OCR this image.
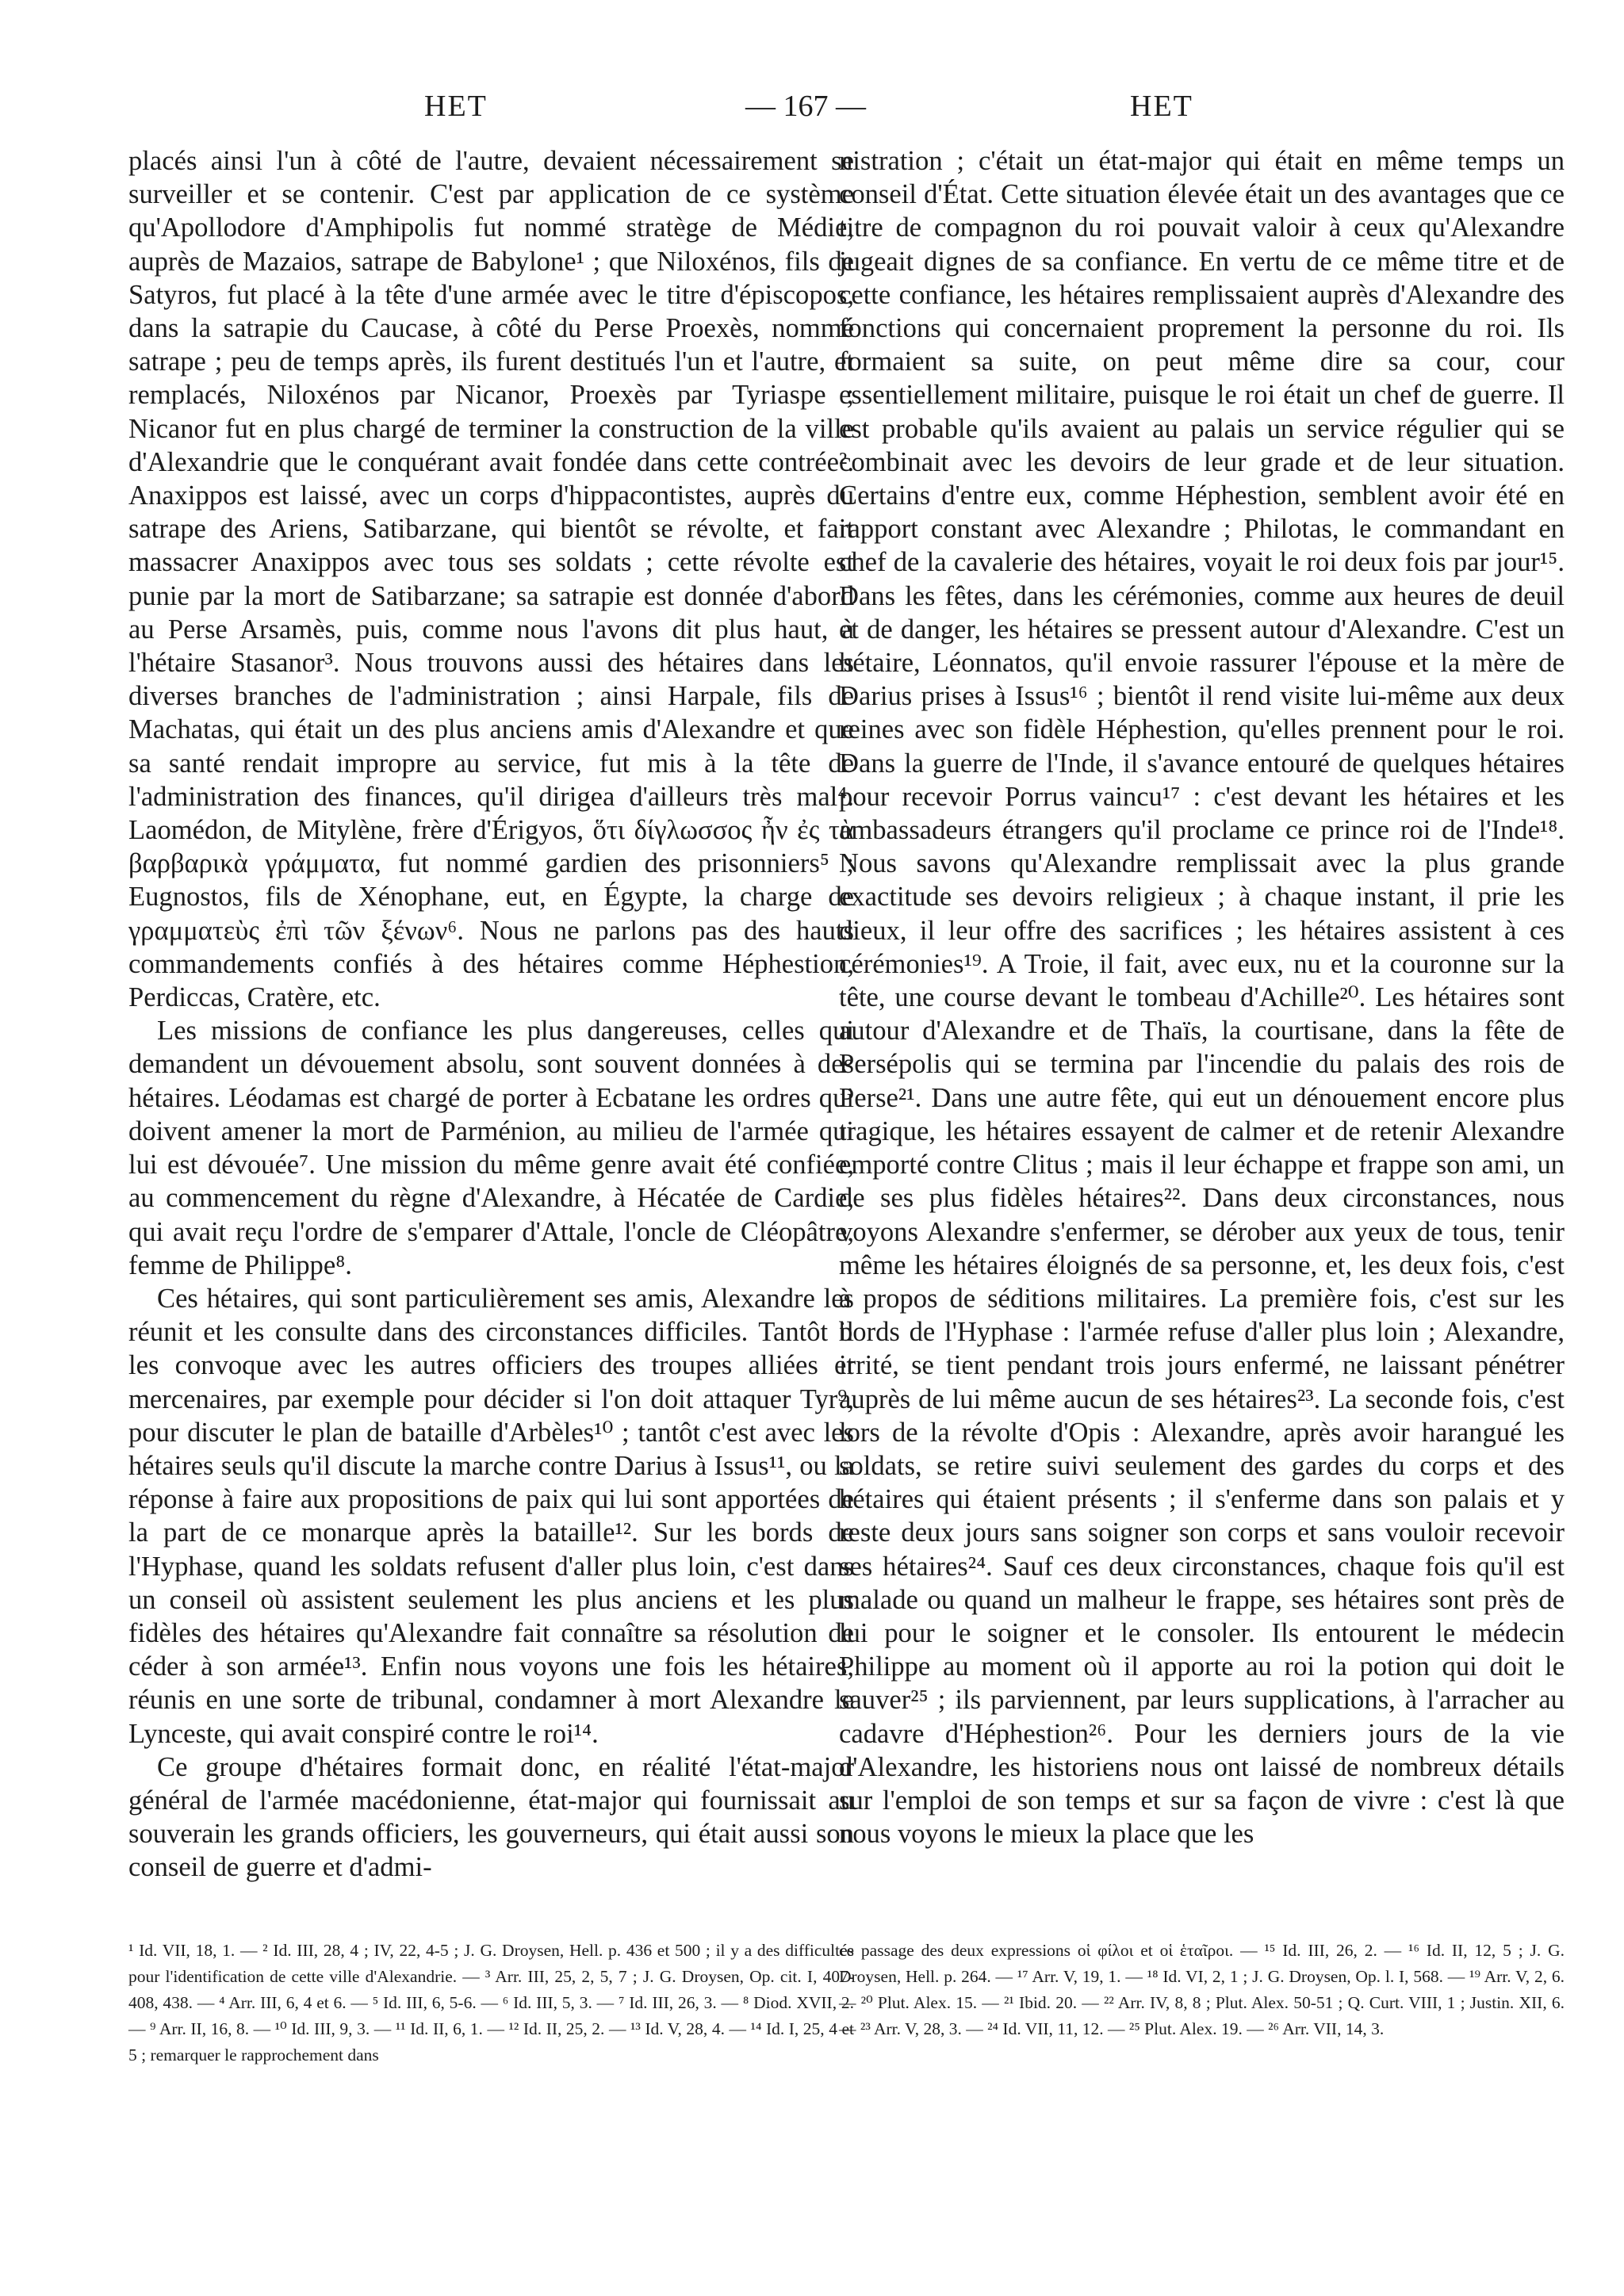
HET	— 167 —	HET

placés ainsi l'un à côté de l'autre, devaient nécessairement se surveiller et se contenir. C'est par application de ce système qu'Apollodore d'Amphipolis fut nommé stratège de Médie, auprès de Mazaios, satrape de Babylone¹ ; que Niloxénos, fils de Satyros, fut placé à la tête d'une armée avec le titre d'épiscopos, dans la satrapie du Caucase, à côté du Perse Proexès, nommé satrape ; peu de temps après, ils furent destitués l'un et l'autre, et remplacés, Niloxénos par Nicanor, Proexès par Tyriaspe ; Nicanor fut en plus chargé de terminer la construction de la ville d'Alexandrie que le conquérant avait fondée dans cette contrée². Anaxippos est laissé, avec un corps d'hippacontistes, auprès du satrape des Ariens, Satibarzane, qui bientôt se révolte, et fait massacrer Anaxippos avec tous ses soldats ; cette révolte est punie par la mort de Satibarzane; sa satrapie est donnée d'abord au Perse Arsamès, puis, comme nous l'avons dit plus haut, à l'hétaire Stasanor³. Nous trouvons aussi des hétaires dans les diverses branches de l'administration ; ainsi Harpale, fils de Machatas, qui était un des plus anciens amis d'Alexandre et que sa santé rendait impropre au service, fut mis à la tête de l'administration des finances, qu'il dirigea d'ailleurs très mal⁴. Laomédon, de Mitylène, frère d'Érigyos, ὅτι δίγλωσσος ἦν ἐς τὰ βαρβαρικὰ γράμματα, fut nommé gardien des prisonniers⁵ ; Eugnostos, fils de Xénophane, eut, en Égypte, la charge de γραμματεὺς ἐπὶ τῶν ξένων⁶. Nous ne parlons pas des hauts commandements confiés à des hétaires comme Héphestion, Perdiccas, Cratère, etc.

Les missions de confiance les plus dangereuses, celles qui demandent un dévouement absolu, sont souvent données à des hétaires. Léodamas est chargé de porter à Ecbatane les ordres qui doivent amener la mort de Parménion, au milieu de l'armée qui lui est dévouée⁷. Une mission du même genre avait été confiée, au commencement du règne d'Alexandre, à Hécatée de Cardie, qui avait reçu l'ordre de s'emparer d'Attale, l'oncle de Cléopâtre, femme de Philippe⁸.

Ces hétaires, qui sont particulièrement ses amis, Alexandre les réunit et les consulte dans des circonstances difficiles. Tantôt il les convoque avec les autres officiers des troupes alliées et mercenaires, par exemple pour décider si l'on doit attaquer Tyr⁹, pour discuter le plan de bataille d'Arbèles¹⁰ ; tantôt c'est avec les hétaires seuls qu'il discute la marche contre Darius à Issus¹¹, ou la réponse à faire aux propositions de paix qui lui sont apportées de la part de ce monarque après la bataille¹². Sur les bords de l'Hyphase, quand les soldats refusent d'aller plus loin, c'est dans un conseil où assistent seulement les plus anciens et les plus fidèles des hétaires qu'Alexandre fait connaître sa résolution de céder à son armée¹³. Enfin nous voyons une fois les hétaires, réunis en une sorte de tribunal, condamner à mort Alexandre le Lynceste, qui avait conspiré contre le roi¹⁴.

Ce groupe d'hétaires formait donc, en réalité l'état-major général de l'armée macédonienne, état-major qui fournissait au souverain les grands officiers, les gouverneurs, qui était aussi son conseil de guerre et d'admi-

nistration ; c'était un état-major qui était en même temps un conseil d'État. Cette situation élevée était un des avantages que ce titre de compagnon du roi pouvait valoir à ceux qu'Alexandre jugeait dignes de sa confiance. En vertu de ce même titre et de cette confiance, les hétaires remplissaient auprès d'Alexandre des fonctions qui concernaient proprement la personne du roi. Ils formaient sa suite, on peut même dire sa cour, cour essentiellement militaire, puisque le roi était un chef de guerre. Il est probable qu'ils avaient au palais un service régulier qui se combinait avec les devoirs de leur grade et de leur situation. Certains d'entre eux, comme Héphestion, semblent avoir été en rapport constant avec Alexandre ; Philotas, le commandant en chef de la cavalerie des hétaires, voyait le roi deux fois par jour¹⁵. Dans les fêtes, dans les cérémonies, comme aux heures de deuil et de danger, les hétaires se pressent autour d'Alexandre. C'est un hétaire, Léonnatos, qu'il envoie rassurer l'épouse et la mère de Darius prises à Issus¹⁶ ; bientôt il rend visite lui-même aux deux reines avec son fidèle Héphestion, qu'elles prennent pour le roi. Dans la guerre de l'Inde, il s'avance entouré de quelques hétaires pour recevoir Porrus vaincu¹⁷ : c'est devant les hétaires et les ambassadeurs étrangers qu'il proclame ce prince roi de l'Inde¹⁸. Nous savons qu'Alexandre remplissait avec la plus grande exactitude ses devoirs religieux ; à chaque instant, il prie les dieux, il leur offre des sacrifices ; les hétaires assistent à ces cérémonies¹⁹. A Troie, il fait, avec eux, nu et la couronne sur la tête, une course devant le tombeau d'Achille²⁰. Les hétaires sont autour d'Alexandre et de Thaïs, la courtisane, dans la fête de Persépolis qui se termina par l'incendie du palais des rois de Perse²¹. Dans une autre fête, qui eut un dénouement encore plus tragique, les hétaires essayent de calmer et de retenir Alexandre emporté contre Clitus ; mais il leur échappe et frappe son ami, un de ses plus fidèles hétaires²². Dans deux circonstances, nous voyons Alexandre s'enfermer, se dérober aux yeux de tous, tenir même les hétaires éloignés de sa personne, et, les deux fois, c'est à propos de séditions militaires. La première fois, c'est sur les bords de l'Hyphase : l'armée refuse d'aller plus loin ; Alexandre, irrité, se tient pendant trois jours enfermé, ne laissant pénétrer auprès de lui même aucun de ses hétaires²³. La seconde fois, c'est lors de la révolte d'Opis : Alexandre, après avoir harangué les soldats, se retire suivi seulement des gardes du corps et des hétaires qui étaient présents ; il s'enferme dans son palais et y reste deux jours sans soigner son corps et sans vouloir recevoir ses hétaires²⁴. Sauf ces deux circonstances, chaque fois qu'il est malade ou quand un malheur le frappe, ses hétaires sont près de lui pour le soigner et le consoler. Ils entourent le médecin Philippe au moment où il apporte au roi la potion qui doit le sauver²⁵ ; ils parviennent, par leurs supplications, à l'arracher au cadavre d'Héphestion²⁶. Pour les derniers jours de la vie d'Alexandre, les historiens nous ont laissé de nombreux détails sur l'emploi de son temps et sur sa façon de vivre : c'est là que nous voyons le mieux la place que les

¹ Id. VII, 18, 1. — ² Id. III, 28, 4 ; IV, 22, 4-5 ; J. G. Droysen, Hell. p. 436 et 500 ; il y a des difficultés pour l'identification de cette ville d'Alexandrie. — ³ Arr. III, 25, 2, 5, 7 ; J. G. Droysen, Op. cit. I, 407-408, 438. — ⁴ Arr. III, 6, 4 et 6. — ⁵ Id. III, 6, 5-6. — ⁶ Id. III, 5, 3. — ⁷ Id. III, 26, 3. — ⁸ Diod. XVII, 2. — ⁹ Arr. II, 16, 8. — ¹⁰ Id. III, 9, 3. — ¹¹ Id. II, 6, 1. — ¹² Id. II, 25, 2. — ¹³ Id. V, 28, 4. — ¹⁴ Id. I, 25, 4 et 5 ; remarquer le rapprochement dans
ce passage des deux expressions οἱ φίλοι et οἱ ἑταῖροι. — ¹⁵ Id. III, 26, 2. — ¹⁶ Id. II, 12, 5 ; J. G. Droysen, Hell. p. 264. — ¹⁷ Arr. V, 19, 1. — ¹⁸ Id. VI, 2, 1 ; J. G. Droysen, Op. l. I, 568. — ¹⁹ Arr. V, 2, 6. — ²⁰ Plut. Alex. 15. — ²¹ Ibid. 20. — ²² Arr. IV, 8, 8 ; Plut. Alex. 50-51 ; Q. Curt. VIII, 1 ; Justin. XII, 6. — ²³ Arr. V, 28, 3. — ²⁴ Id. VII, 11, 12. — ²⁵ Plut. Alex. 19. — ²⁶ Arr. VII, 14, 3.
